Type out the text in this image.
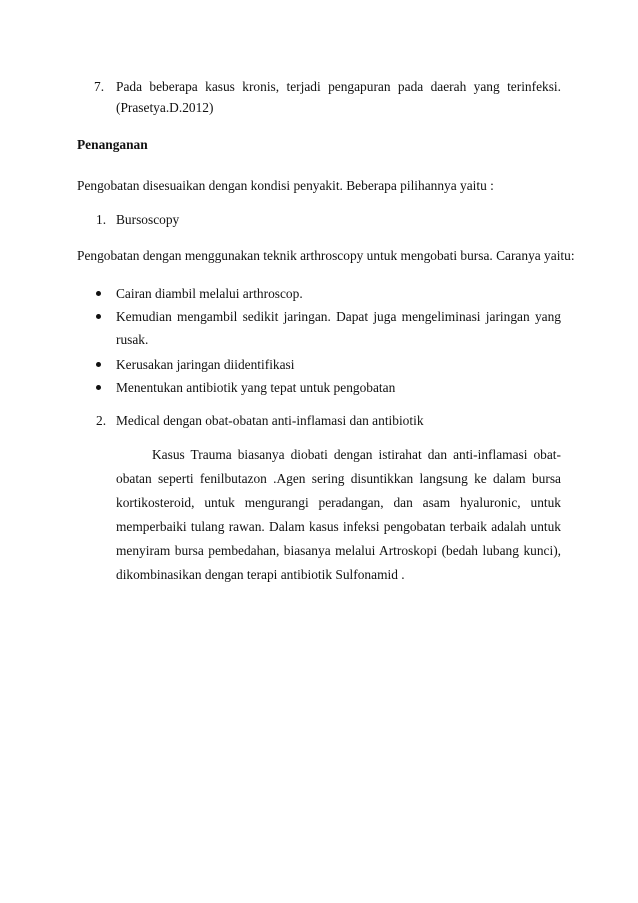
7. Pada beberapa kasus kronis, terjadi pengapuran pada daerah yang terinfeksi.
(Prasetya.D.2012)
Penanganan
Pengobatan disesuaikan dengan kondisi penyakit. Beberapa pilihannya yaitu :
1. Bursoscopy
Pengobatan dengan menggunakan teknik arthroscopy untuk mengobati bursa. Caranya yaitu:
Cairan diambil melalui arthroscop.
Kemudian mengambil sedikit jaringan. Dapat juga mengeliminasi jaringan yang
rusak.
Kerusakan jaringan diidentifikasi
Menentukan antibiotik yang tepat untuk pengobatan
2. Medical dengan obat-obatan anti-inflamasi dan antibiotik
Kasus Trauma biasanya diobati dengan istirahat dan anti-inflamasi obat-
obatan seperti fenilbutazon .Agen sering disuntikkan langsung ke dalam bursa
kortikosteroid, untuk mengurangi peradangan, dan asam hyaluronic, untuk
memperbaiki tulang rawan. Dalam kasus infeksi pengobatan terbaik adalah untuk
menyiram bursa pembedahan, biasanya melalui Artroskopi (bedah lubang kunci),
dikombinasikan dengan terapi antibiotik Sulfonamid .
